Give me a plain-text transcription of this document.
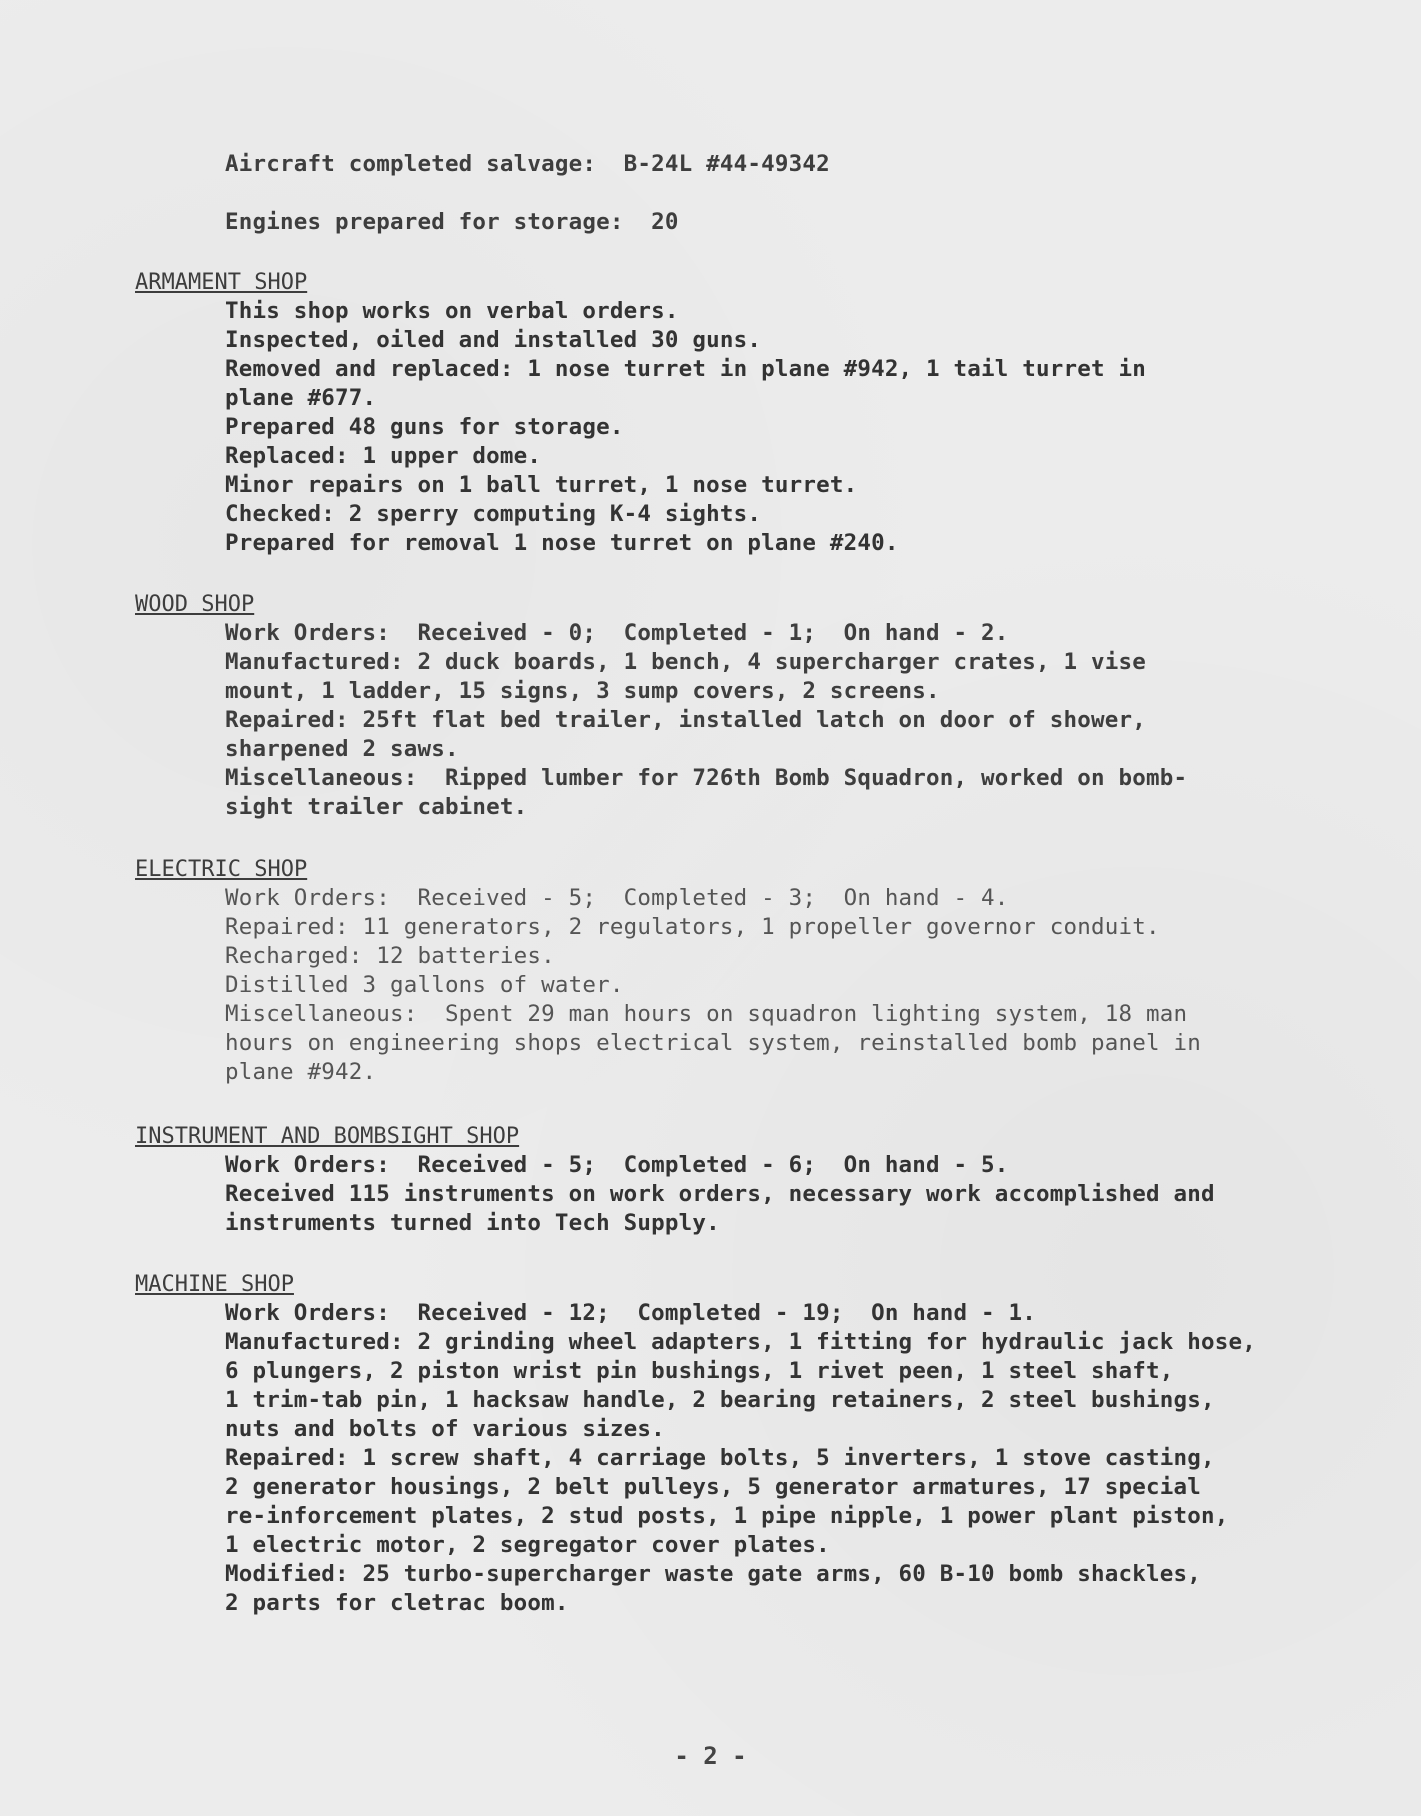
Aircraft completed salvage:  B-24L #44-49342
Engines prepared for storage:  20
ARMAMENT SHOP
This shop works on verbal orders.
Inspected, oiled and installed 30 guns.
Removed and replaced: 1 nose turret in plane #942, 1 tail turret in
plane #677.
Prepared 48 guns for storage.
Replaced: 1 upper dome.
Minor repairs on 1 ball turret, 1 nose turret.
Checked: 2 sperry computing K-4 sights.
Prepared for removal 1 nose turret on plane #240.
WOOD SHOP
Work Orders:  Received - 0;  Completed - 1;  On hand - 2.
Manufactured: 2 duck boards, 1 bench, 4 supercharger crates, 1 vise
mount, 1 ladder, 15 signs, 3 sump covers, 2 screens.
Repaired: 25ft flat bed trailer, installed latch on door of shower,
sharpened 2 saws.
Miscellaneous:  Ripped lumber for 726th Bomb Squadron, worked on bomb-
sight trailer cabinet.
ELECTRIC SHOP
Work Orders:  Received - 5;  Completed - 3;  On hand - 4.
Repaired: 11 generators, 2 regulators, 1 propeller governor conduit.
Recharged: 12 batteries.
Distilled 3 gallons of water.
Miscellaneous:  Spent 29 man hours on squadron lighting system, 18 man
hours on engineering shops electrical system, reinstalled bomb panel in
plane #942.
INSTRUMENT AND BOMBSIGHT SHOP
Work Orders:  Received - 5;  Completed - 6;  On hand - 5.
Received 115 instruments on work orders, necessary work accomplished and
instruments turned into Tech Supply.
MACHINE SHOP
Work Orders:  Received - 12;  Completed - 19;  On hand - 1.
Manufactured: 2 grinding wheel adapters, 1 fitting for hydraulic jack hose,
6 plungers, 2 piston wrist pin bushings, 1 rivet peen, 1 steel shaft,
1 trim-tab pin, 1 hacksaw handle, 2 bearing retainers, 2 steel bushings,
nuts and bolts of various sizes.
Repaired: 1 screw shaft, 4 carriage bolts, 5 inverters, 1 stove casting,
2 generator housings, 2 belt pulleys, 5 generator armatures, 17 special
re-inforcement plates, 2 stud posts, 1 pipe nipple, 1 power plant piston,
1 electric motor, 2 segregator cover plates.
Modified: 25 turbo-supercharger waste gate arms, 60 B-10 bomb shackles,
2 parts for cletrac boom.
- 2 -
